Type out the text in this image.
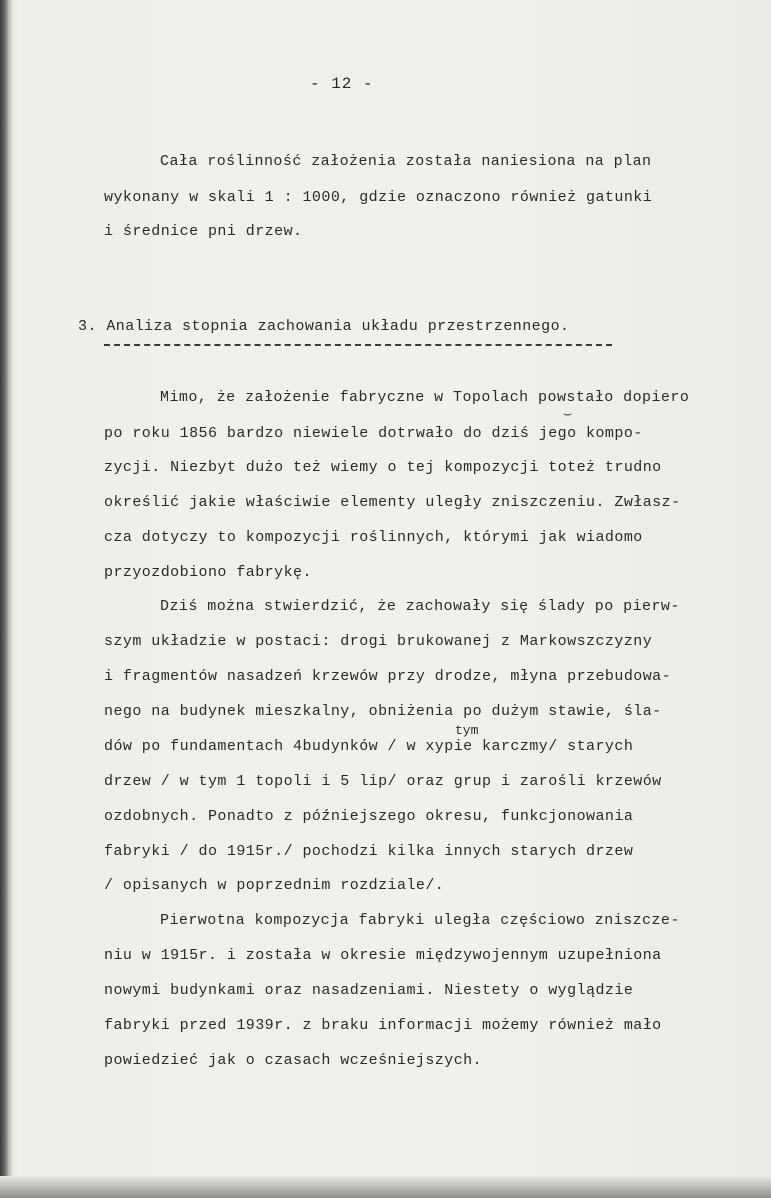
- 12 -
Cała roślinność założenia została naniesiona na plan
wykonany w skali 1 : 1000, gdzie oznaczono również gatunki
i średnice pni drzew.
3. Analiza stopnia zachowania układu przestrzennego.
⌣
Mimo, że założenie fabryczne w Topolach powstało dopiero
po roku 1856 bardzo niewiele dotrwało do dziś jego kompo-
zycji. Niezbyt dużo też wiemy o tej kompozycji toteż trudno
określić jakie właściwie elementy uległy zniszczeniu. Zwłasz-
cza dotyczy to kompozycji roślinnych, którymi jak wiadomo
przyozdobiono fabrykę.
Dziś można stwierdzić, że zachowały się ślady po pierw-
szym układzie w postaci: drogi brukowanej z Markowszczyzny
i fragmentów nasadzeń krzewów przy drodze, młyna przebudowa-
nego na budynek mieszkalny, obniżenia po dużym stawie, śla-
tym
dów po fundamentach 4budynków / w xypie karczmy/ starych
drzew / w tym 1 topoli i 5 lip/ oraz grup i zarośli krzewów
ozdobnych. Ponadto z późniejszego okresu, funkcjonowania
fabryki / do 1915r./ pochodzi kilka innych starych drzew
/ opisanych w poprzednim rozdziale/.
Pierwotna kompozycja fabryki uległa częściowo zniszcze-
niu w 1915r. i została w okresie międzywojennym uzupełniona
nowymi budynkami oraz nasadzeniami. Niestety o wyglądzie
fabryki przed 1939r. z braku informacji możemy również mało
powiedzieć jak o czasach wcześniejszych.
